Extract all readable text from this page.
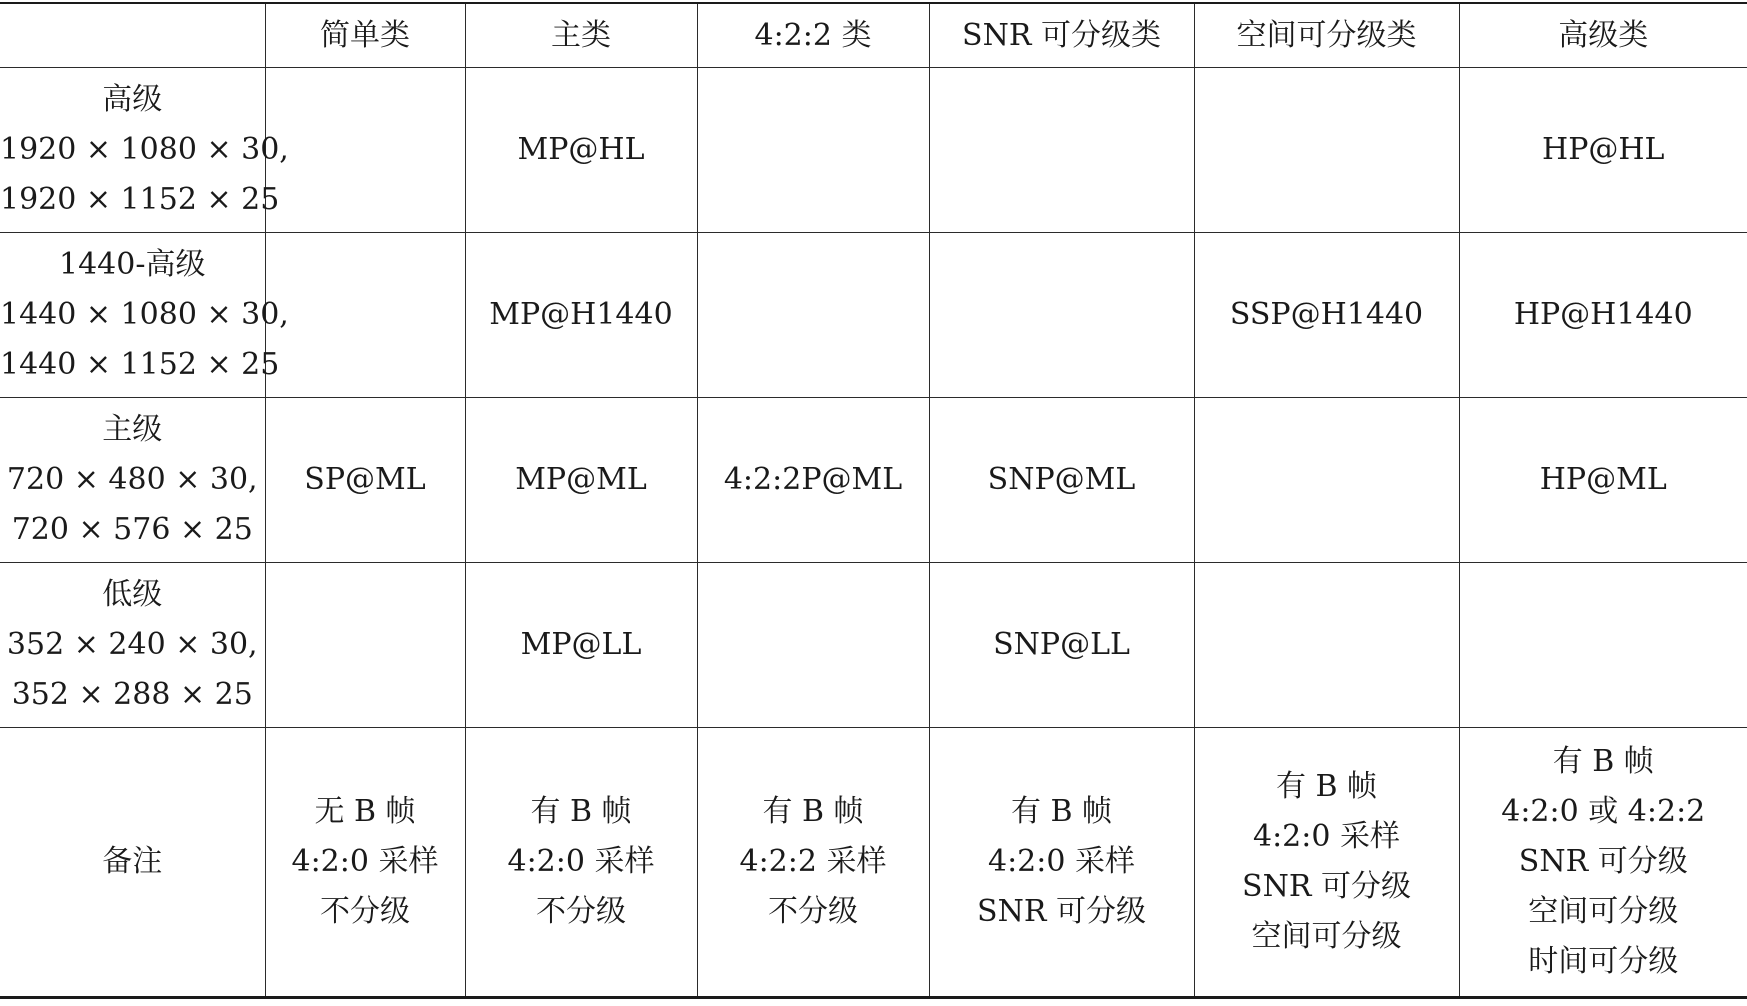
	简单类	主类	4:2:2 类	SNR 可分级类	空间可分级类	高级类

高级
1920 × 1080 × 30,
1920 × 1152 × 25		MP@HL				HP@HL

1440-高级
1440 × 1080 × 30,
1440 × 1152 × 25		MP@H1440			SSP@H1440	HP@H1440

主级
720 × 480 × 30,
720 × 576 × 25	SP@ML	MP@ML	4:2:2P@ML	SNP@ML		HP@ML

低级
352 × 240 × 30,
352 × 288 × 25		MP@LL		SNP@LL		
备注	无 B 帧
4:2:0 采样
不分级	有 B 帧
4:2:0 采样
不分级	有 B 帧
4:2:2 采样
不分级	有 B 帧
4:2:0 采样
SNR 可分级	有 B 帧
4:2:0 采样
SNR 可分级
空间可分级	有 B 帧
4:2:0 或 4:2:2
SNR 可分级
空间可分级
时间可分级
